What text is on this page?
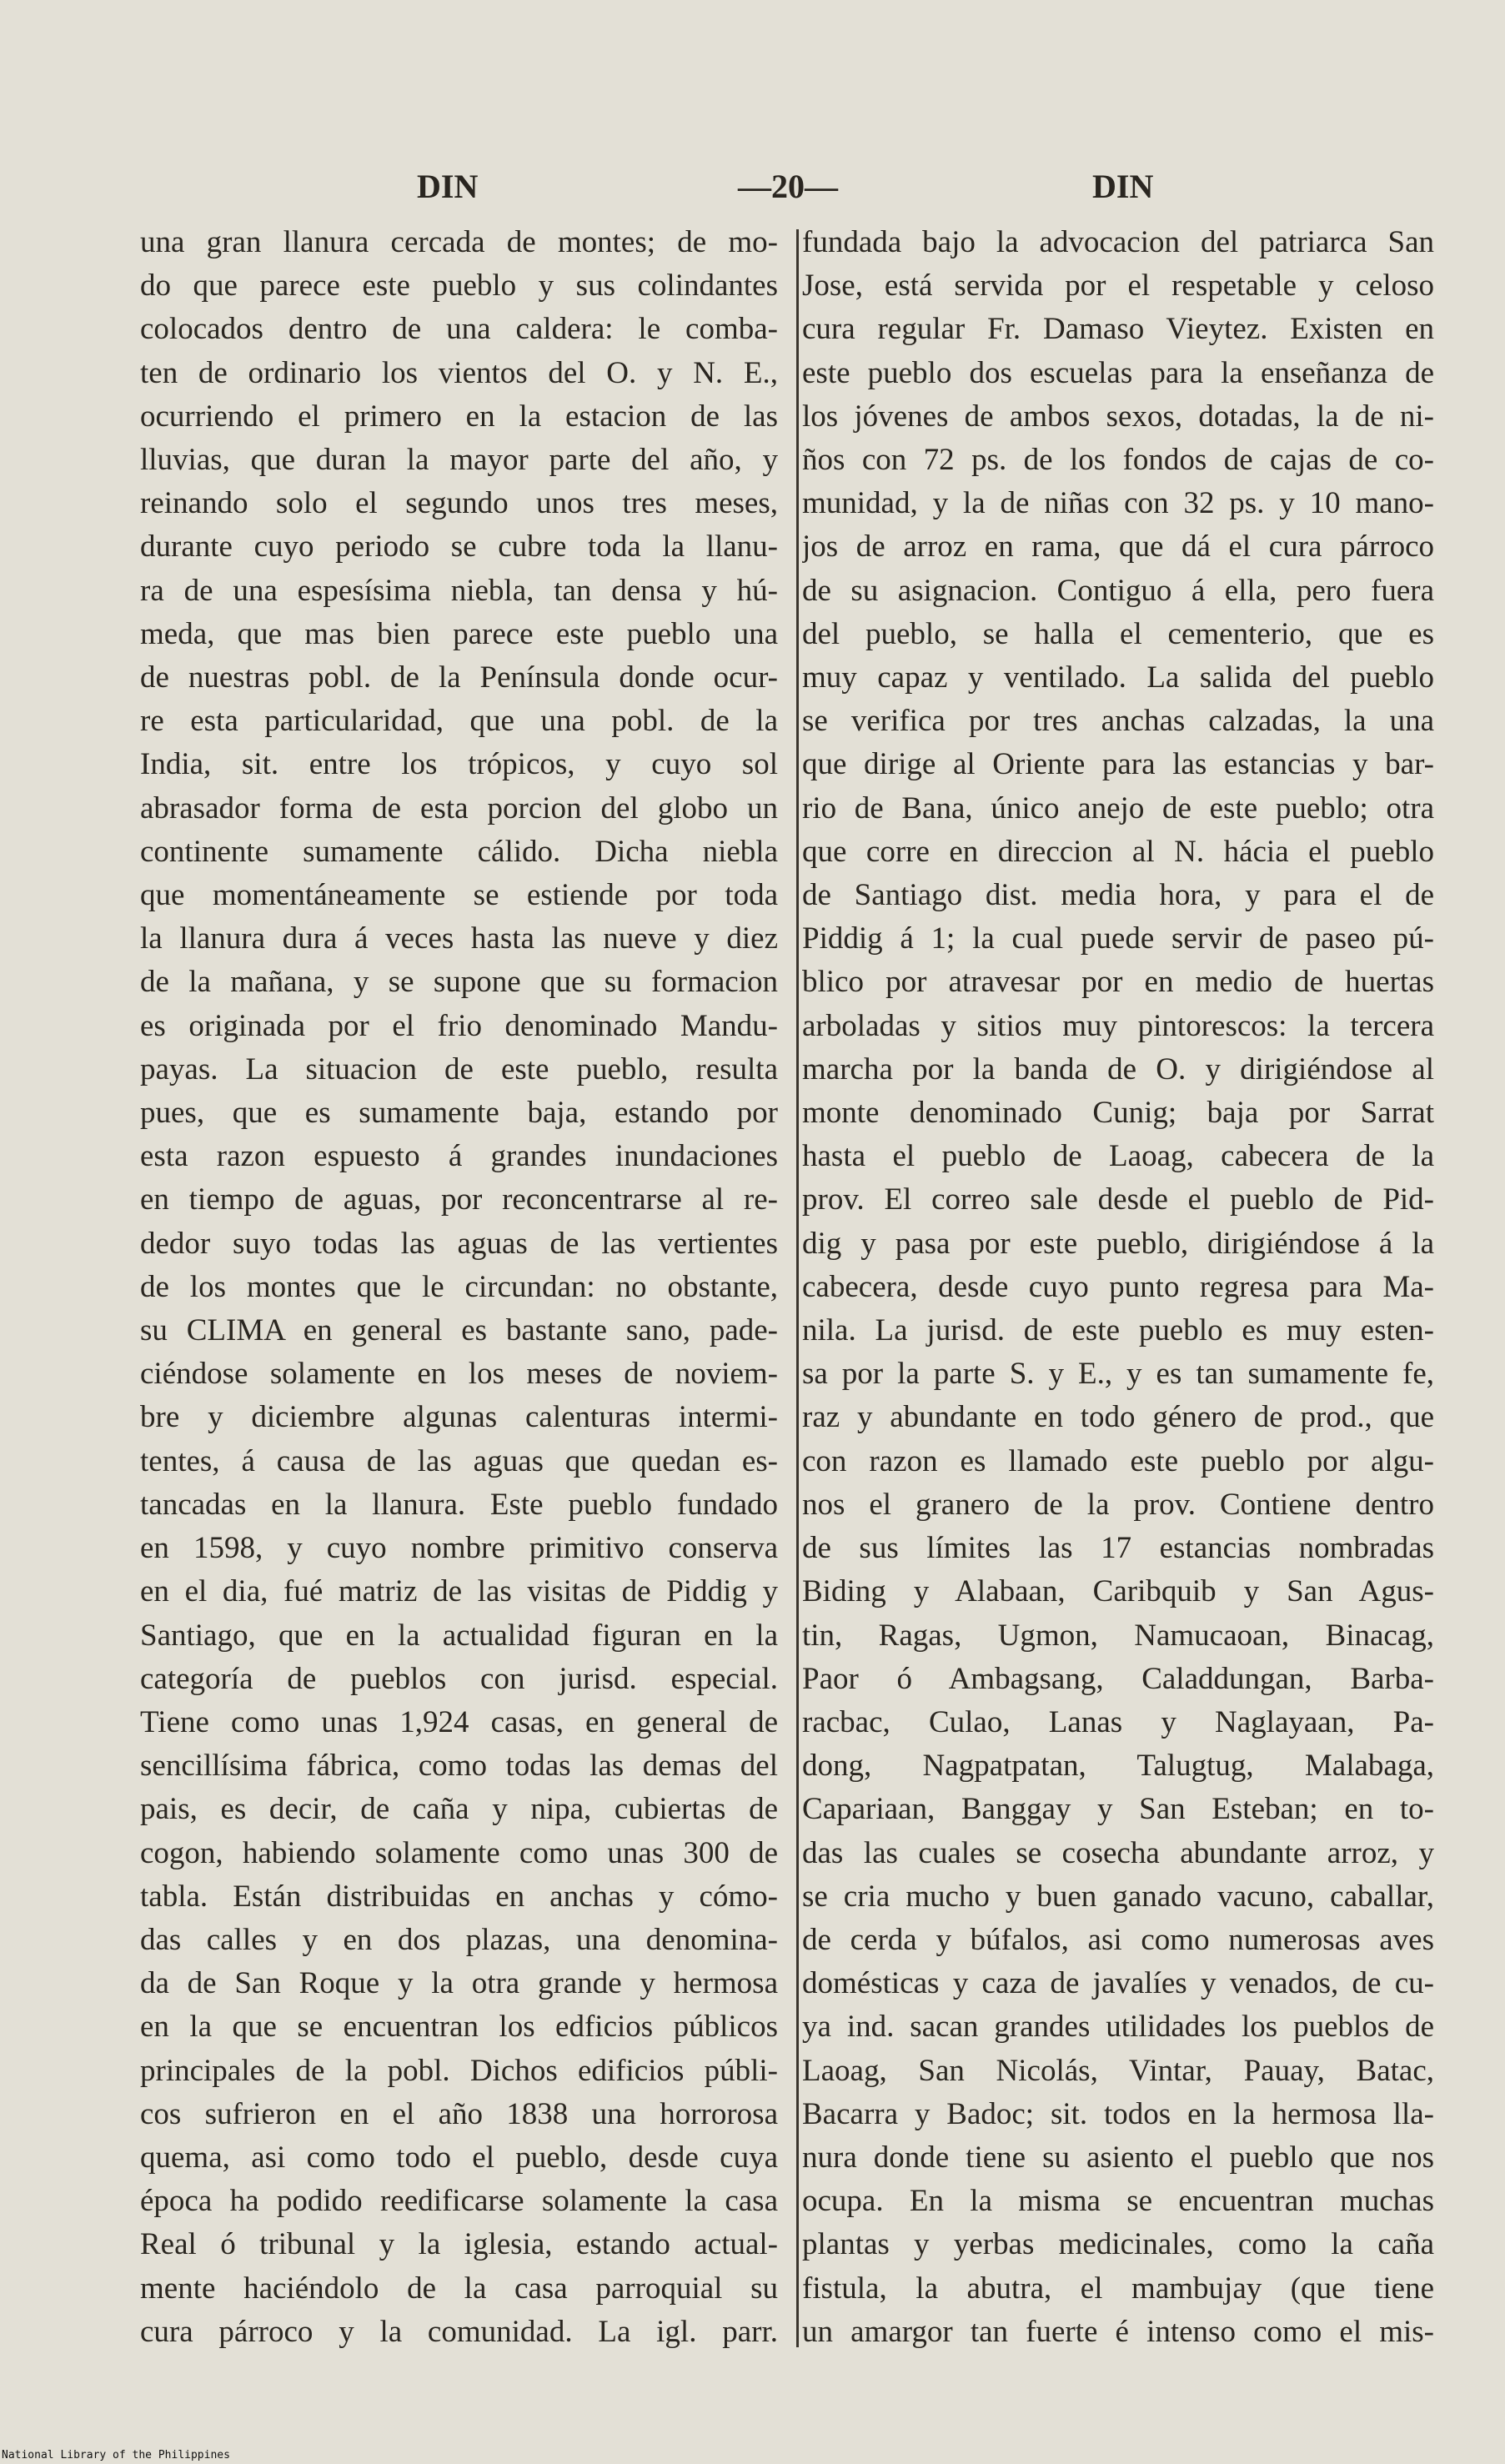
DIN	—20—	DIN
una gran llanura cercada de montes; de mo-
do que parece este pueblo y sus colindantes
colocados dentro de una caldera: le comba-
ten de ordinario los vientos del O. y N. E.,
ocurriendo el primero en la estacion de las
lluvias, que duran la mayor parte del año, y
reinando solo el segundo unos tres meses,
durante cuyo periodo se cubre toda la llanu-
ra de una espesísima niebla, tan densa y hú-
meda, que mas bien parece este pueblo una
de nuestras pobl. de la Península donde ocur-
re esta particularidad, que una pobl. de la
India, sit. entre los trópicos, y cuyo sol
abrasador forma de esta porcion del globo un
continente sumamente cálido. Dicha niebla
que momentáneamente se estiende por toda
la llanura dura á veces hasta las nueve y diez
de la mañana, y se supone que su formacion
es originada por el frio denominado Mandu-
payas. La situacion de este pueblo, resulta
pues, que es sumamente baja, estando por
esta razon espuesto á grandes inundaciones
en tiempo de aguas, por reconcentrarse al re-
dedor suyo todas las aguas de las vertientes
de los montes que le circundan: no obstante,
su CLIMA en general es bastante sano, pade-
ciéndose solamente en los meses de noviem-
bre y diciembre algunas calenturas intermi-
tentes, á causa de las aguas que quedan es-
tancadas en la llanura. Este pueblo fundado
en 1598, y cuyo nombre primitivo conserva
en el dia, fué matriz de las visitas de Piddig y
Santiago, que en la actualidad figuran en la
categoría de pueblos con jurisd. especial.
Tiene como unas 1,924 casas, en general de
sencillísima fábrica, como todas las demas del
pais, es decir, de caña y nipa, cubiertas de
cogon, habiendo solamente como unas 300 de
tabla. Están distribuidas en anchas y cómo-
das calles y en dos plazas, una denomina-
da de San Roque y la otra grande y hermosa
en la que se encuentran los edficios públicos
principales de la pobl. Dichos edificios públi-
cos sufrieron en el año 1838 una horrorosa
quema, asi como todo el pueblo, desde cuya
época ha podido reedificarse solamente la casa
Real ó tribunal y la iglesia, estando actual-
mente haciéndolo de la casa parroquial su
cura párroco y la comunidad. La igl. parr.
fundada bajo la advocacion del patriarca San
Jose, está servida por el respetable y celoso
cura regular Fr. Damaso Vieytez. Existen en
este pueblo dos escuelas para la enseñanza de
los jóvenes de ambos sexos, dotadas, la de ni-
ños con 72 ps. de los fondos de cajas de co-
munidad, y la de niñas con 32 ps. y 10 mano-
jos de arroz en rama, que dá el cura párroco
de su asignacion. Contiguo á ella, pero fuera
del pueblo, se halla el cementerio, que es
muy capaz y ventilado. La salida del pueblo
se verifica por tres anchas calzadas, la una
que dirige al Oriente para las estancias y bar-
rio de Bana, único anejo de este pueblo; otra
que corre en direccion al N. hácia el pueblo
de Santiago dist. media hora, y para el de
Piddig á 1; la cual puede servir de paseo pú-
blico por atravesar por en medio de huertas
arboladas y sitios muy pintorescos: la tercera
marcha por la banda de O. y dirigiéndose al
monte denominado Cunig; baja por Sarrat
hasta el pueblo de Laoag, cabecera de la
prov. El correo sale desde el pueblo de Pid-
dig y pasa por este pueblo, dirigiéndose á la
cabecera, desde cuyo punto regresa para Ma-
nila. La jurisd. de este pueblo es muy esten-
sa por la parte S. y E., y es tan sumamente fe,
raz y abundante en todo género de prod., que
con razon es llamado este pueblo por algu-
nos el granero de la prov. Contiene dentro
de sus límites las 17 estancias nombradas
Biding y Alabaan, Caribquib y San Agus-
tin, Ragas, Ugmon, Namucaoan, Binacag,
Paor ó Ambagsang, Caladdungan, Barba-
racbac, Culao, Lanas y Naglayaan, Pa-
dong, Nagpatpatan, Talugtug, Malabaga,
Capariaan, Banggay y San Esteban; en to-
das las cuales se cosecha abundante arroz, y
se cria mucho y buen ganado vacuno, caballar,
de cerda y búfalos, asi como numerosas aves
domésticas y caza de javalíes y venados, de cu-
ya ind. sacan grandes utilidades los pueblos de
Laoag, San Nicolás, Vintar, Pauay, Batac,
Bacarra y Badoc; sit. todos en la hermosa lla-
nura donde tiene su asiento el pueblo que nos
ocupa. En la misma se encuentran muchas
plantas y yerbas medicinales, como la caña
fistula, la abutra, el mambujay (que tiene
un amargor tan fuerte é intenso como el mis-
National Library of the Philippines
